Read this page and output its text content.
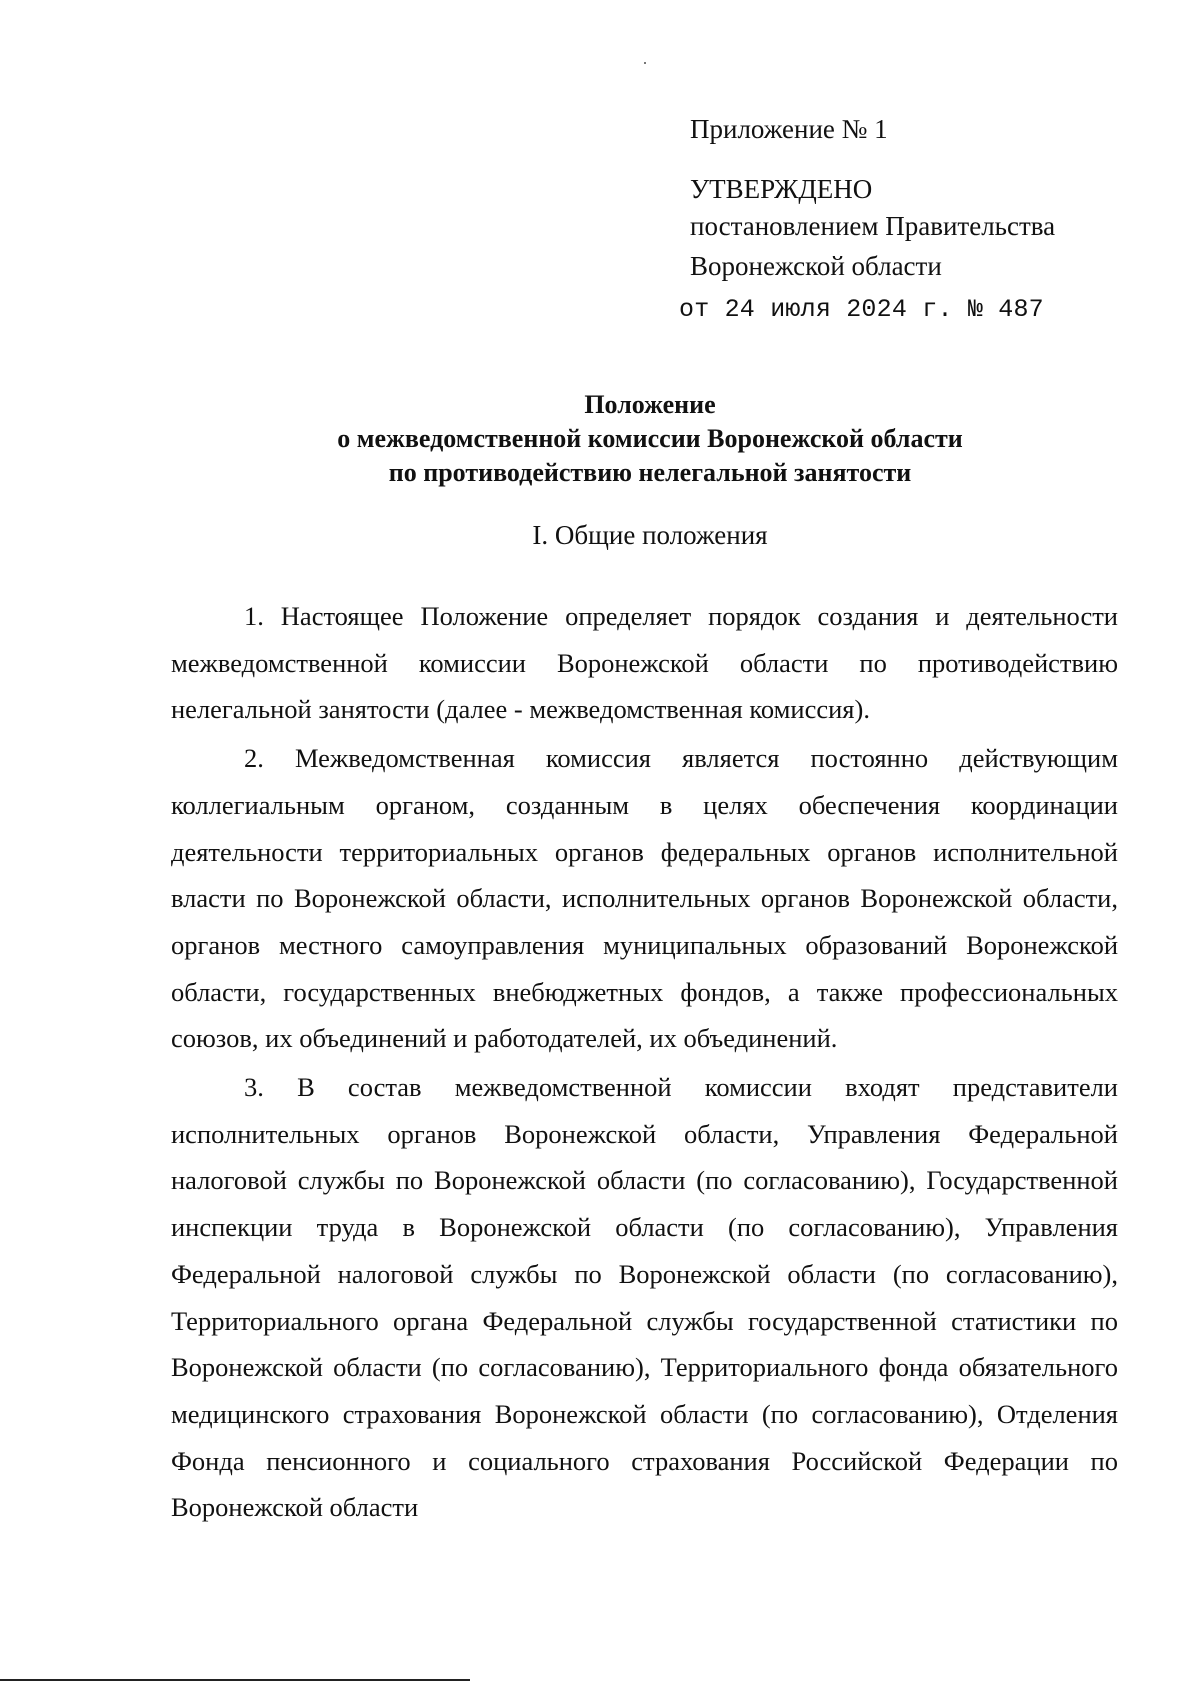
Приложение № 1
УТВЕРЖДЕНО
постановлением Правительства
Воронежской области
от 24 июля 2024 г. № 487
Положение
о межведомственной комиссии Воронежской области
по противодействию нелегальной занятости
I. Общие положения

1. Настоящее Положение определяет порядок создания и деятельности межведомственной комиссии Воронежской области по противодействию нелегальной занятости (далее - межведомственная комиссия).

2. Межведомственная комиссия является постоянно действующим коллегиальным органом, созданным в целях обеспечения координации деятельности территориальных органов федеральных органов исполнительной власти по Воронежской области, исполнительных органов Воронежской области, органов местного самоуправления муниципальных образований Воронежской области, государственных внебюджетных фондов, а также профессиональных союзов, их объединений и работодателей, их объединений.

3. В состав межведомственной комиссии входят представители исполнительных органов Воронежской области, Управления Федеральной налоговой службы по Воронежской области (по согласованию), Государственной инспекции труда в Воронежской области (по согласованию), Управления Федеральной налоговой службы по Воронежской области (по согласованию), Территориального органа Федеральной службы государственной статистики по Воронежской области (по согласованию), Территориального фонда обязательного медицинского страхования Воронежской области (по согласованию), Отделения Фонда пенсионного и социального страхования Российской Федерации по Воронежской области
